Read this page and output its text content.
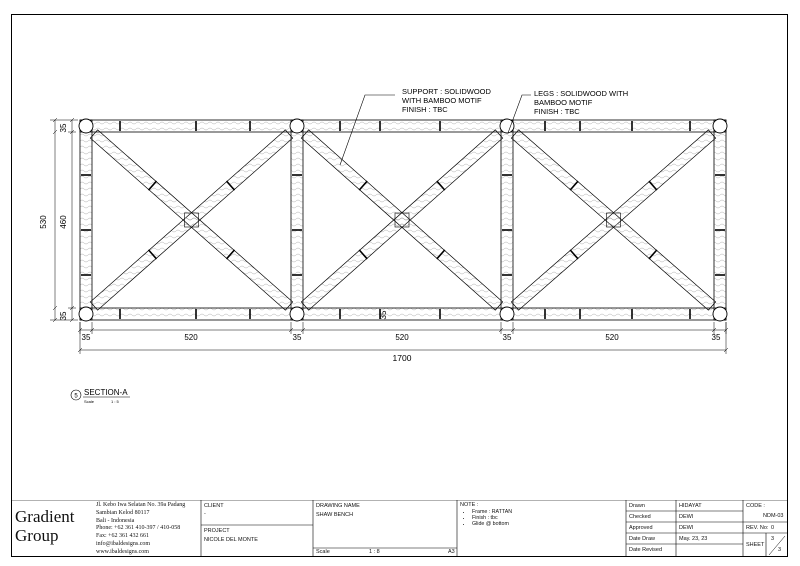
SUPPORT : SOLIDWOOD
WITH BAMBOO MOTIF
FINISH : TBC
LEGS : SOLIDWOOD WITH
BAMBOO MOTIF
FINISH : TBC
530 460
35
35
35	520	35	520	35	520	35
1700
35
5 SECTION-A
Scale	1 : 5
Gradient
Group
Jl. Kebo Iwa Selatan No. 39a Padang
Sambian Kelod 80117
Bali - Indonesia
Phone: +62 361 410-397 / 410-058
Fax: +62 361 432 661
info@ibaldesigns.com
www.ibaldesigns.com
CLIENT
-
PROJECT
NICOLE DEL MONTE
DRAWING NAME
SHAW BENCH
Scale	1 : 8	A3
NOTE :
• Frame : RATTAN
• Finish : tbc
• Glide @ bottom
Drawn	HIDAYAT
Checked	DEWI
Approved	DEWI
Date Draw	May. 23, 23
Date Revised
CODE :
NDM-03
REV. No: 0
SHEET
3
3
